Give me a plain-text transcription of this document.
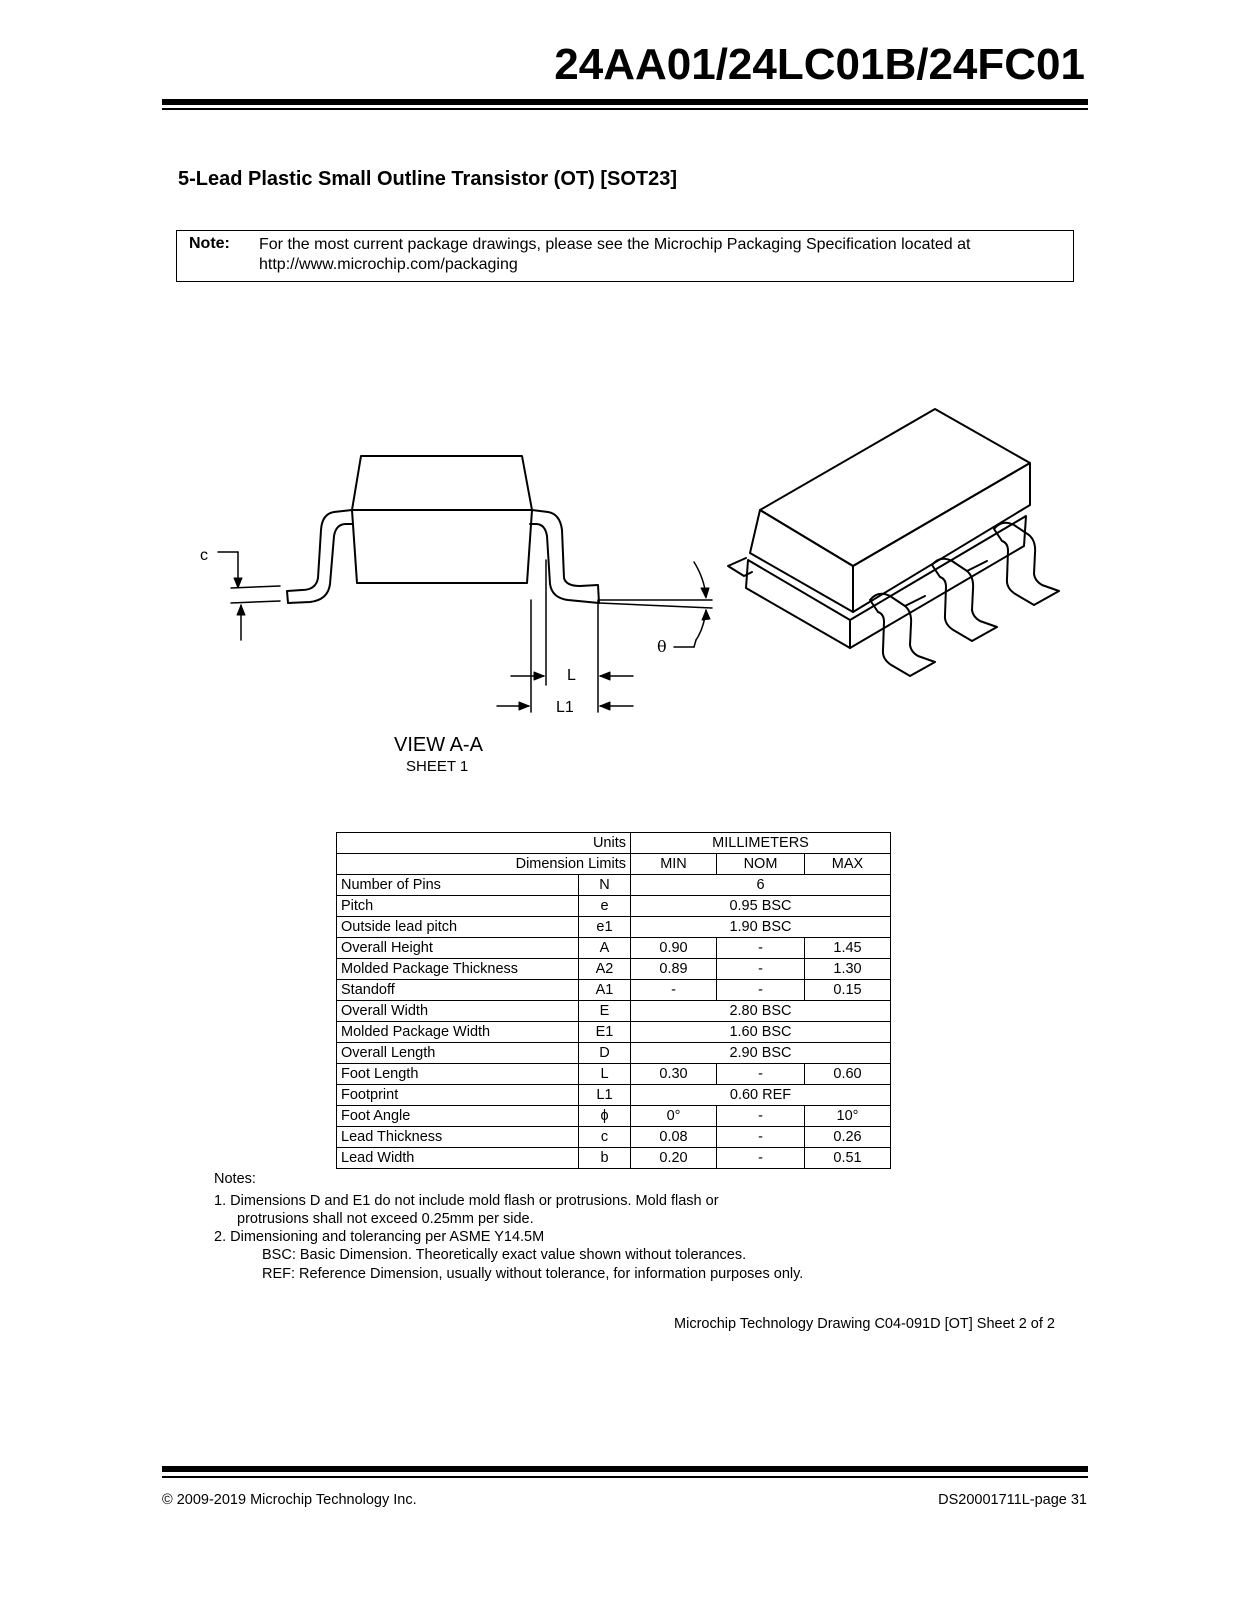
24AA01/24LC01B/24FC01
5-Lead Plastic Small Outline Transistor (OT) [SOT23]
Note: For the most current package drawings, please see the Microchip Packaging Specification located at
http://www.microchip.com/packaging
c
θ
L
L1
VIEW A-A
SHEET 1
Units		MILLIMETERS		
Dimension Limits		MIN	NOM	MAX
Number of Pins	N	6		
Pitch	e	0.95 BSC		
Outside lead pitch	e1	1.90 BSC		
Overall Height	A	0.90	-	1.45
Molded Package Thickness	A2	0.89	-	1.30
Standoff	A1	-	-	0.15
Overall Width	E	2.80 BSC		
Molded Package Width	E1	1.60 BSC		
Overall Length	D	2.90 BSC		
Foot Length	L	0.30	-	0.60
Footprint	L1	0.60 REF		
Foot Angle	ϕ	0°	-	10°
Lead Thickness	c	0.08	-	0.26
Lead Width	b	0.20	-	0.51
Notes:
1. Dimensions D and E1 do not include mold flash or protrusions. Mold flash or
protrusions shall not exceed 0.25mm per side.
2. Dimensioning and tolerancing per ASME Y14.5M
BSC: Basic Dimension. Theoretically exact value shown without tolerances.
REF: Reference Dimension, usually without tolerance, for information purposes only.
Microchip Technology Drawing C04-091D [OT] Sheet 2 of 2
© 2009-2019 Microchip Technology Inc.	DS20001711L-page 31
